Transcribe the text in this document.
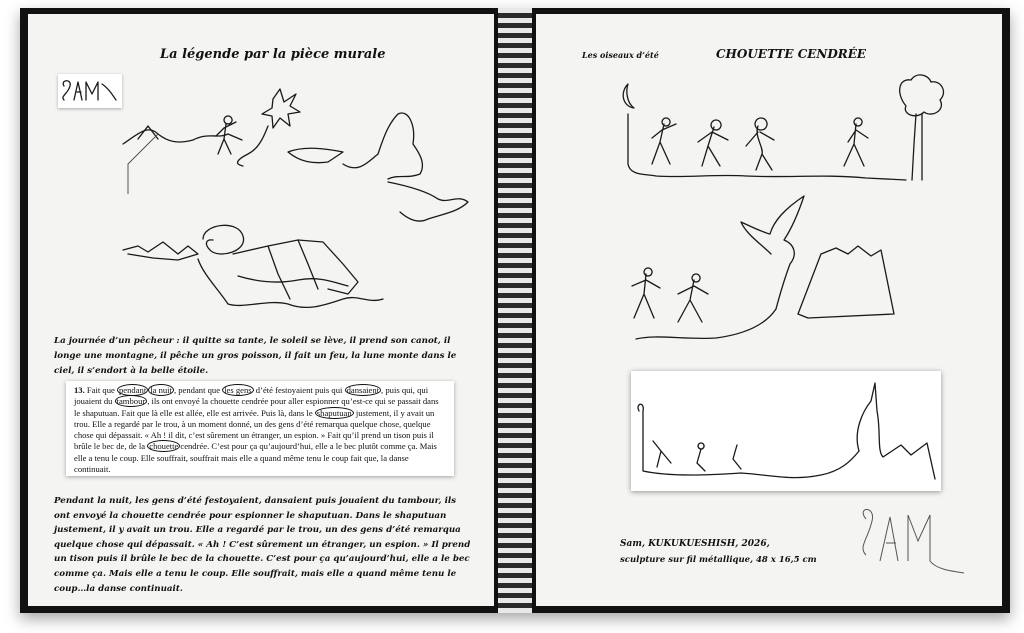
La légende par la pièce murale
La journée d’un pêcheur : il quitte sa tante, le soleil se lève, il prend son canot, il longe une montagne, il pêche un gros poisson, il fait un feu, la lune monte dans le ciel, il s’endort à la belle étoile.
13. Fait que pendant la nuit , pendant que les gens d’été festoyaient puis qui dansaient , puis qui, qui jouaient du tambour , ils ont envoyé la chouette cendrée pour aller espionner qu’est-ce qui se passait dans le shaputuan. Fait que là elle est allée, elle est arrivée. Puis là, dans le shaputuan justement, il y avait un trou. Elle a regardé par le trou, à un moment donné, un des gens d’été remarqua quelque chose, quelque chose qui dépassait. « Ah ! il dit, c’est sûrement un étranger, un espion. » Fait qu’il prend un tison puis il brûle le bec de, de la chouette cendrée. C’est pour ça qu’aujourd’hui, elle a le bec plutôt comme ça. Mais elle a tenu le coup. Elle souffrait, souffrait mais elle a quand même tenu le coup fait que, la danse continuait.
Pendant la nuit, les gens d’été festoyaient, dansaient puis jouaient du tambour, ils ont envoyé la chouette cendrée pour espionner le shaputuan. Dans le shaputuan justement, il y avait un trou. Elle a regardé par le trou, un des gens d’été remarqua quelque chose qui dépassait. « Ah ! C’est sûrement un étranger, un espion. » Il prend un tison puis il brûle le bec de la chouette. C’est pour ça qu’aujourd’hui, elle a le bec comme ça. Mais elle a tenu le coup. Elle souffrait, mais elle a quand même tenu le coup…la danse continuait.
Les oiseaux d’été	CHOUETTE CENDRÉE
Sam, KUKUKUESHISH, 2026,
sculpture sur fil métallique, 48 x 16,5 cm
